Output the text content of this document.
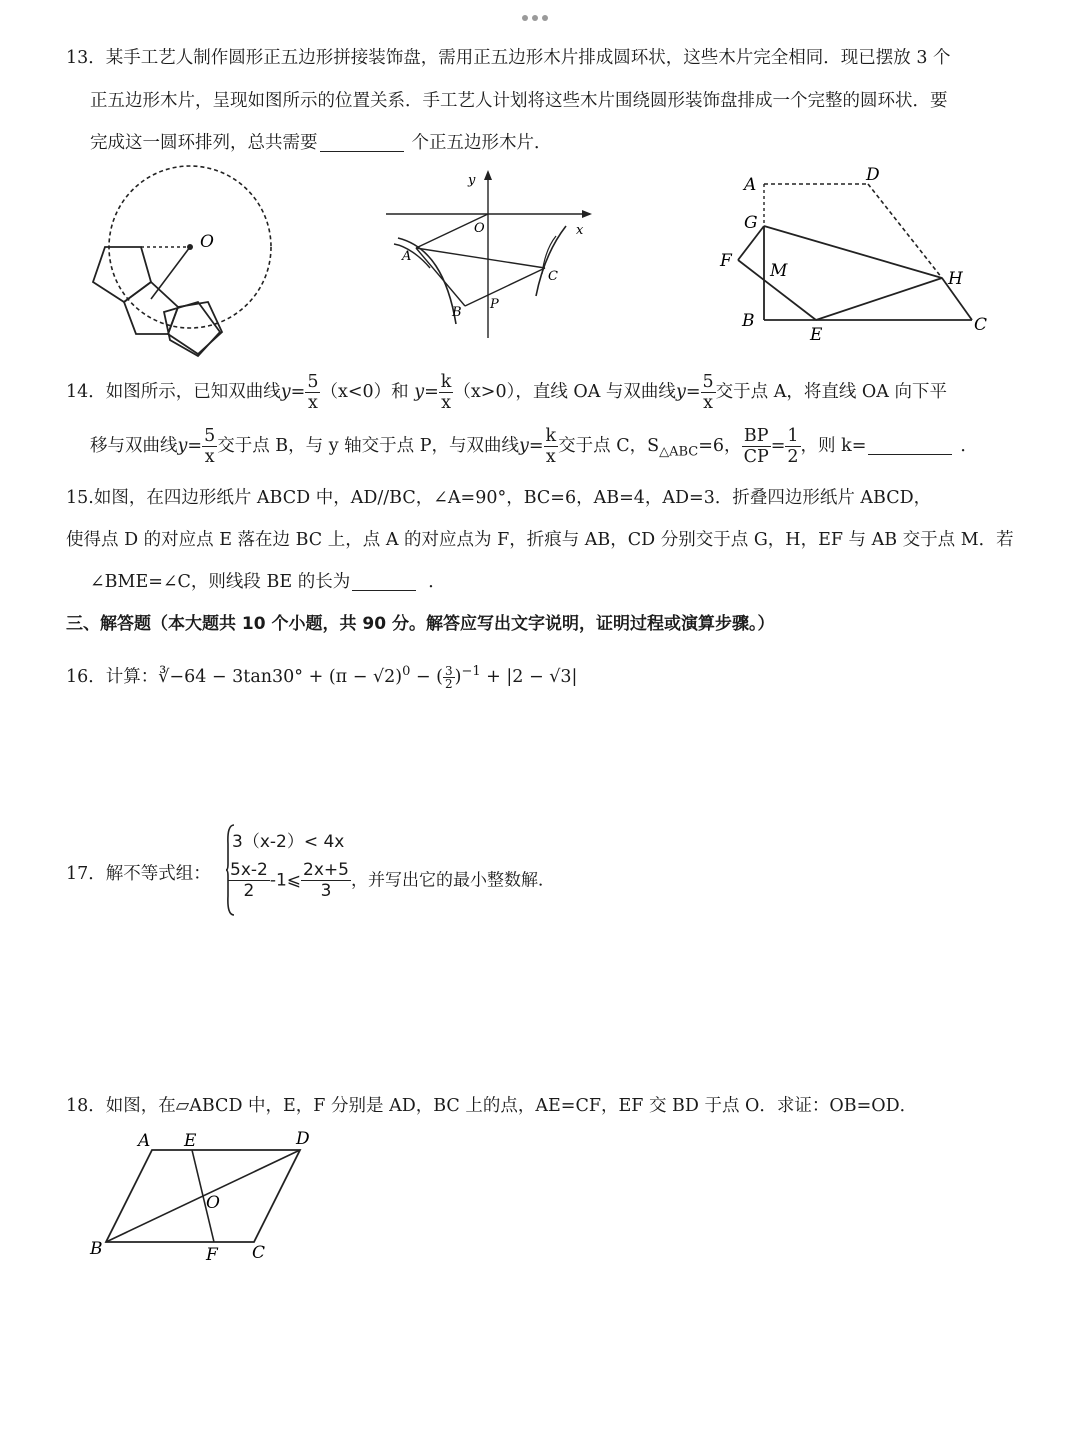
13．某手工艺人制作圆形正五边形拼接装饰盘，需用正五边形木片排成圆环状，这些木片完全相同．现已摆放 3 个
正五边形木片，呈现如图所示的位置关系．手工艺人计划将这些木片围绕圆形装饰盘排成一个完整的圆环状．要
完成这一圆环排列，总共需要	个正五边形木片．
O
y
x
O
A
B
P
C
A	D
G
F M	H
B
E	C
14．如图所示，已知双曲线$y= \frac{5}{x} (x<0)$和 $y= \frac{k}{x} (x>0)$，直线 OA 与双曲线$y= \frac{5}{x}$ 交于点 A，将直线 OA 向下平
移与双曲线$y= \frac{5}{x}$ 交于点 B，与 y 轴交于点 P，与双曲线$y= \frac{k}{x}$ 交于点 C，$S_{\triangle ABC}=6$， $\frac{BP}{CP} = \frac{1}{2}$ ，则 k=	．
15.如图，在四边形纸片 ABCD 中，AD//BC，∠A=90°，BC=6，AB=4，AD=3．折叠四边形纸片 ABCD，
使得点 D 的对应点 E 落在边 BC 上，点 A 的对应点为 F，折痕与 AB，CD 分别交于点 G，H，EF 与 AB 交于点 M．若
∠BME=∠C，则线段 BE 的长为	．
三、解答题（本大题共 10 个小题，共 90 分。解答应写出文字说明，证明过程或演算步骤。）
16．计算：∛−64 − $3\tan 30^\circ + (\pi - √2)^0$ − ( $\frac{3}{2} )^{-1} + |2 - √3|$
3（x-2）< 4x
17．解不等式组： $\frac{5x-2}{2}$ -1⩽ $\frac{2x+5}{3}$ ，并写出它的最小整数解．
18．如图，在▱ABCD 中，E，F 分别是 AD，BC 上的点，AE=CF，EF 交 BD 于点 O．求证：OB=OD．
A E	D
O
B	F C
